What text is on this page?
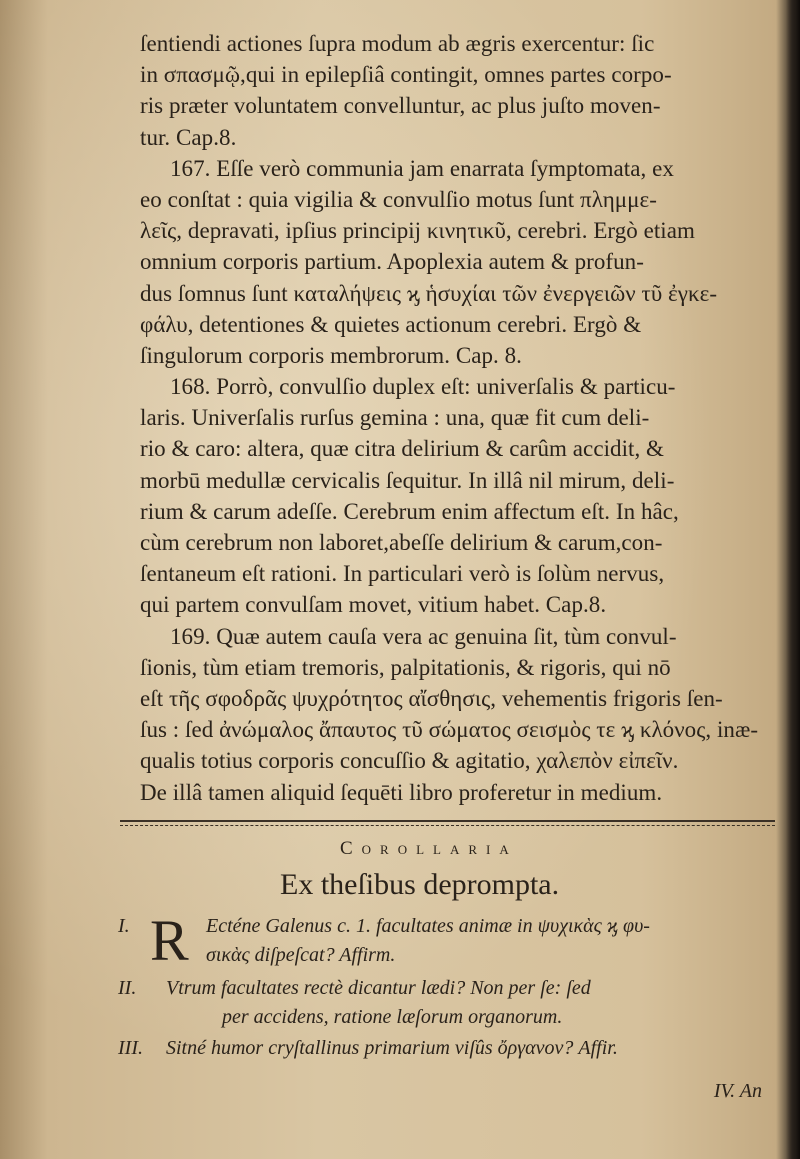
ſentiendi actiones ſupra modum ab ægris exercentur: ſic
in σπασμῷ,qui in epilepſiâ contingit, omnes partes corpo-
ris præter voluntatem convelluntur, ac plus juſto moven-
tur. Cap.8.
167. Eſſe verò communia jam enarrata ſymptomata, ex
eo conſtat : quia vigilia & convulſio motus ſunt πλημμε-
λεῖς, depravati, ipſius principij κινητικῦ, cerebri. Ergò etiam
omnium corporis partium. Apoplexia autem & profun-
dus ſomnus ſunt καταλήψεις ϗ ἡσυχίαι τῶν ἐνεργειῶν τῦ ἐγκε-
φάλυ, detentiones & quietes actionum cerebri. Ergò &
ſingulorum corporis membrorum. Cap. 8.
168. Porrò, convulſio duplex eſt: univerſalis & particu-
laris. Univerſalis rurſus gemina : una, quæ fit cum deli-
rio & caro: altera, quæ citra delirium & carûm accidit, &
morbū medullæ cervicalis ſequitur. In illâ nil mirum, deli-
rium & carum adeſſe. Cerebrum enim affectum eſt. In hâc,
cùm cerebrum non laboret,abeſſe delirium & carum,con-
ſentaneum eſt rationi. In particulari verò is ſolùm nervus,
qui partem convulſam movet, vitium habet. Cap.8.
169. Quæ autem cauſa vera ac genuina ſit, tùm convul-
ſionis, tùm etiam tremoris, palpitationis, & rigoris, qui nō
eſt τῆς σφοδρᾶς ψυχρότητος αἴσθησις, vehementis frigoris ſen-
ſus : ſed ἀνώμαλος ἄπαυτος τῦ σώματος σεισμὸς τε ϗ κλόνος, inæ-
qualis totius corporis concuſſio & agitatio, χαλεπὸν εἰπεῖν.
De illâ tamen aliquid ſequēti libro proferetur in medium.
Corollaria
Ex theſibus deprompta.
R
I.	Ecténe Galenus c. 1. facultates animæ in ψυχικὰς ϗ φυ-
σικὰς diſpeſcat? Affirm.
II. Vtrum facultates rectè dicantur lædi? Non per ſe: ſed
per accidens, ratione læſorum organorum.
III. Sitné humor cryſtallinus primarium viſûs ὄργανον? Affir.
IV. An
